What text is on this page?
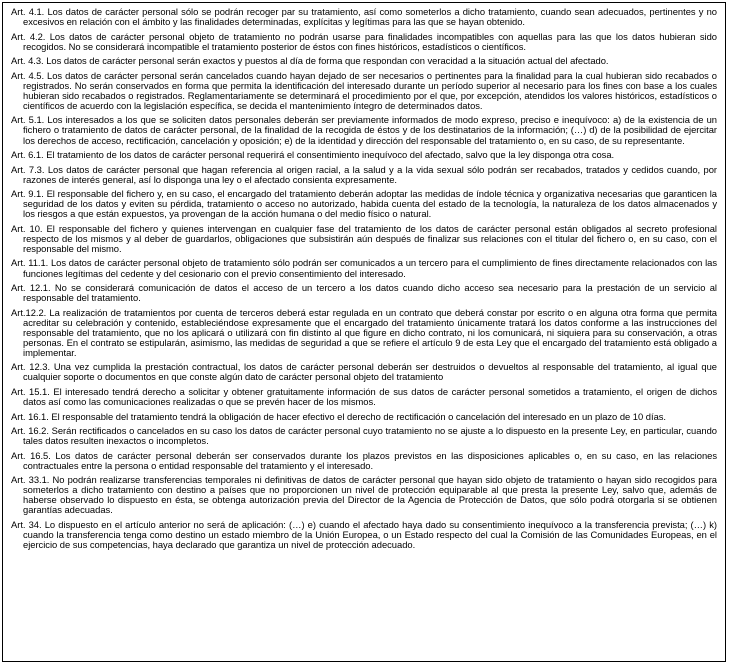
Art. 4.1. Los datos de carácter personal sólo se podrán recoger par su tratamiento, así como someterlos a dicho tratamiento, cuando sean adecuados, pertinentes y no excesivos en relación con el ámbito y las finalidades determinadas, explícitas y legítimas para las que se hayan obtenido.

Art. 4.2. Los datos de carácter personal objeto de tratamiento no podrán usarse para finalidades incompatibles con aquellas para las que los datos hubieran sido recogidos. No se considerará incompatible el tratamiento posterior de éstos con fines históricos, estadísticos o científicos.

Art. 4.3. Los datos de carácter personal serán exactos y puestos al día de forma que respondan con veracidad a la situación actual del afectado.

Art. 4.5. Los datos de carácter personal serán cancelados cuando hayan dejado de ser necesarios o pertinentes para la finalidad para la cual hubieran sido recabados o registrados. No serán conservados en forma que permita la identificación del interesado durante un período superior al necesario para los fines con base a los cuales hubieran sido recabados o registrados. Reglamentariamente se determinará el procedimiento por el que, por excepción, atendidos los valores históricos, estadísticos o científicos de acuerdo con la legislación específica, se decida el mantenimiento íntegro de determinados datos.

Art. 5.1. Los interesados a los que se soliciten datos personales deberán ser previamente informados de modo expreso, preciso e inequívoco: a) de la existencia de un fichero o tratamiento de datos de carácter personal, de la finalidad de la recogida de éstos y de los destinatarios de la información; (…) d) de la posibilidad de ejercitar los derechos de acceso, rectificación, cancelación y oposición; e) de la identidad y dirección del responsable del tratamiento o, en su caso, de su representante.

Art. 6.1. El tratamiento de los datos de carácter personal requerirá el consentimiento inequívoco del afectado, salvo que la ley disponga otra cosa.

Art. 7.3. Los datos de carácter personal que hagan referencia al origen racial, a la salud y a la vida sexual sólo podrán ser recabados, tratados y cedidos cuando, por razones de interés general, así lo disponga una ley o el afectado consienta expresamente.

Art. 9.1. El responsable del fichero y, en su caso, el encargado del tratamiento deberán adoptar las medidas de índole técnica y organizativa necesarias que garanticen la seguridad de los datos y eviten su pérdida, tratamiento o acceso no autorizado, habida cuenta del estado de la tecnología, la naturaleza de los datos almacenados y los riesgos a que están expuestos, ya provengan de la acción humana o del medio físico o natural.

Art. 10. El responsable del fichero y quienes intervengan en cualquier fase del tratamiento de los datos de carácter personal están obligados al secreto profesional respecto de los mismos y al deber de guardarlos, obligaciones que subsistirán aún después de finalizar sus relaciones con el titular del fichero o, en su caso, con el responsable del mismo.

Art. 11.1. Los datos de carácter personal objeto de tratamiento sólo podrán ser comunicados a un tercero para el cumplimiento de fines directamente relacionados con las funciones legítimas del cedente y del cesionario con el previo consentimiento del interesado.

Art. 12.1. No se considerará comunicación de datos el acceso de un tercero a los datos cuando dicho acceso sea necesario para la prestación de un servicio al responsable del tratamiento.

Art.12.2. La realización de tratamientos por cuenta de terceros deberá estar regulada en un contrato que deberá constar por escrito o en alguna otra forma que permita acreditar su celebración y contenido, estableciéndose expresamente que el encargado del tratamiento únicamente tratará los datos conforme a las instrucciones del responsable del tratamiento, que no los aplicará o utilizará con fin distinto al que figure en dicho contrato, ni los comunicará, ni siquiera para su conservación, a otras personas. En el contrato se estipularán, asimismo, las medidas de seguridad a que se refiere el artículo 9 de esta Ley que el encargado del tratamiento está obligado a implementar.

Art. 12.3. Una vez cumplida la prestación contractual, los datos de carácter personal deberán ser destruidos o devueltos al responsable del tratamiento, al igual que cualquier soporte o documentos en que conste algún dato de carácter personal objeto del tratamiento

Art. 15.1. El interesado tendrá derecho a solicitar y obtener gratuitamente información de sus datos de carácter personal sometidos a tratamiento, el origen de dichos datos así como las comunicaciones realizadas o que se prevén hacer de los mismos.

Art. 16.1. El responsable del tratamiento tendrá la obligación de hacer efectivo el derecho de rectificación o cancelación del interesado en un plazo de 10 días.

Art. 16.2. Serán rectificados o cancelados en su caso los datos de carácter personal cuyo tratamiento no se ajuste a lo dispuesto en la presente Ley, en particular, cuando tales datos resulten inexactos o incompletos.

Art. 16.5. Los datos de carácter personal deberán ser conservados durante los plazos previstos en las disposiciones aplicables o, en su caso, en las relaciones contractuales entre la persona o entidad responsable del tratamiento y el interesado.

Art. 33.1. No podrán realizarse transferencias temporales ni definitivas de datos de carácter personal que hayan sido objeto de tratamiento o hayan sido recogidos para someterlos a dicho tratamiento con destino a países que no proporcionen un nivel de protección equiparable al que presta la presente Ley, salvo que, además de haberse observado lo dispuesto en ésta, se obtenga autorización previa del Director de la Agencia de Protección de Datos, que sólo podrá otorgarla si se obtienen garantías adecuadas.

Art. 34. Lo dispuesto en el artículo anterior no será de aplicación: (…) e) cuando el afectado haya dado su consentimiento inequívoco a la transferencia prevista; (…) k) cuando la transferencia tenga como destino un estado miembro de la Unión Europea, o un Estado respecto del cual la Comisión de las Comunidades Europeas, en el ejercicio de sus competencias, haya declarado que garantiza un nivel de protección adecuado.
